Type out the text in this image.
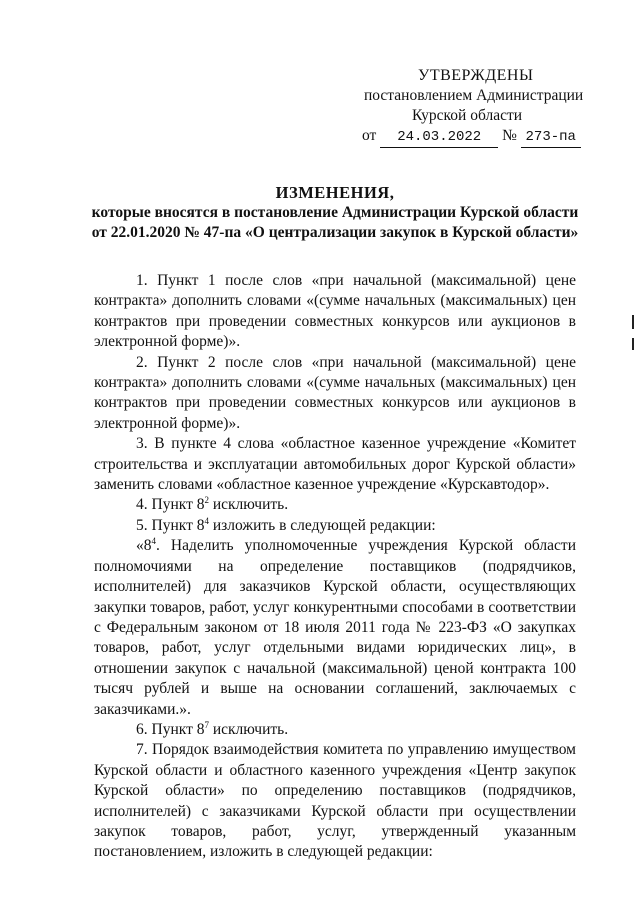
УТВЕРЖДЕНЫ
постановлением Администрации
Курской области
от 24.03.2022 № 273-па
ИЗМЕНЕНИЯ,
которые вносятся в постановление Администрации Курской области
от 22.01.2020 № 47-па «О централизации закупок в Курской области»

1. Пункт 1 после слов «при начальной (максимальной) цене контракта» дополнить словами «(сумме начальных (максимальных) цен контрактов при проведении совместных конкурсов или аукционов в электронной форме)».

2. Пункт 2 после слов «при начальной (максимальной) цене контракта» дополнить словами «(сумме начальных (максимальных) цен контрактов при проведении совместных конкурсов или аукционов в электронной форме)».

3. В пункте 4 слова «областное казенное учреждение «Комитет строительства и эксплуатации автомобильных дорог Курской области» заменить словами «областное казенное учреждение «Курскавтодор».

4. Пункт $8^2$ исключить.

5. Пункт $8^4$ изложить в следующей редакции:

«$8^4$. Наделить уполномоченные учреждения Курской области полномочиями на определение поставщиков (подрядчиков, исполнителей) для заказчиков Курской области, осуществляющих закупки товаров, работ, услуг конкурентными способами в соответствии с Федеральным законом от 18 июля 2011 года № 223-ФЗ «О закупках товаров, работ, услуг отдельными видами юридических лиц», в отношении закупок с начальной (максимальной) ценой контракта 100 тысяч рублей и выше на основании соглашений, заключаемых с заказчиками.».

6. Пункт $8^7$ исключить.

7. Порядок взаимодействия комитета по управлению имуществом Курской области и областного казенного учреждения «Центр закупок Курской области» по определению поставщиков (подрядчиков, исполнителей) с заказчиками Курской области при осуществлении закупок товаров, работ, услуг, утвержденный указанным постановлением, изложить в следующей редакции:
